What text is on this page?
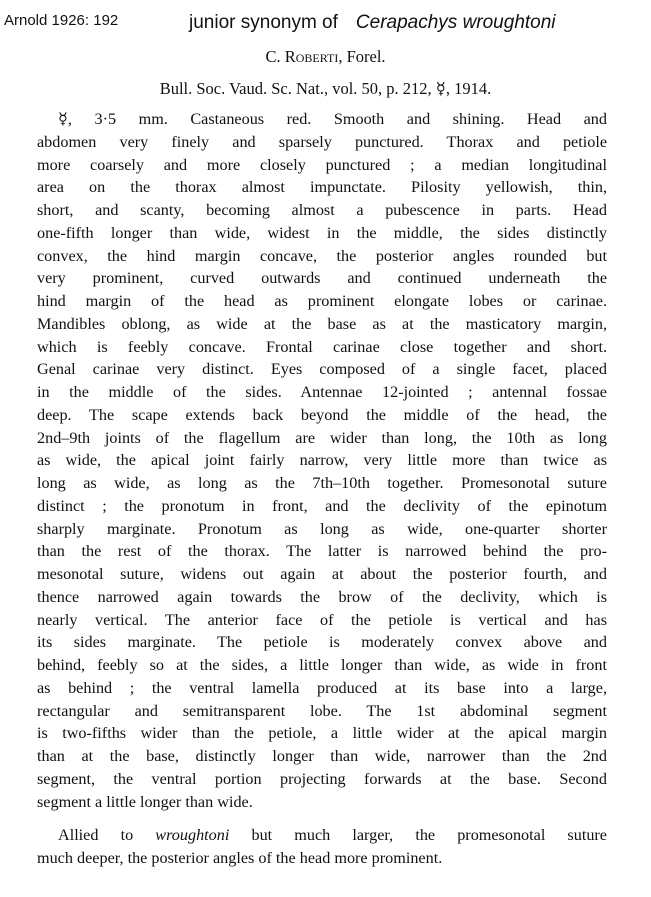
Arnold 1926: 192	junior synonym of Cerapachys wroughtoni
C. Roberti, Forel.
Bull. Soc. Vaud. Sc. Nat., vol. 50, p. 212, ☿, 1914.
☿, 3·5 mm. Castaneous red. Smooth and shining. Head and
abdomen very finely and sparsely punctured. Thorax and petiole
more coarsely and more closely punctured ; a median longitudinal
area on the thorax almost impunctate. Pilosity yellowish, thin,
short, and scanty, becoming almost a pubescence in parts. Head
one-fifth longer than wide, widest in the middle, the sides distinctly
convex, the hind margin concave, the posterior angles rounded but
very prominent, curved outwards and continued underneath the
hind margin of the head as prominent elongate lobes or carinae.
Mandibles oblong, as wide at the base as at the masticatory margin,
which is feebly concave. Frontal carinae close together and short.
Genal carinae very distinct. Eyes composed of a single facet, placed
in the middle of the sides. Antennae 12-jointed ; antennal fossae
deep. The scape extends back beyond the middle of the head, the
2nd–9th joints of the flagellum are wider than long, the 10th as long
as wide, the apical joint fairly narrow, very little more than twice as
long as wide, as long as the 7th–10th together. Promesonotal suture
distinct ; the pronotum in front, and the declivity of the epinotum
sharply marginate. Pronotum as long as wide, one-quarter shorter
than the rest of the thorax. The latter is narrowed behind the pro-
mesonotal suture, widens out again at about the posterior fourth, and
thence narrowed again towards the brow of the declivity, which is
nearly vertical. The anterior face of the petiole is vertical and has
its sides marginate. The petiole is moderately convex above and
behind, feebly so at the sides, a little longer than wide, as wide in front
as behind ; the ventral lamella produced at its base into a large,
rectangular and semitransparent lobe. The 1st abdominal segment
is two-fifths wider than the petiole, a little wider at the apical margin
than at the base, distinctly longer than wide, narrower than the 2nd
segment, the ventral portion projecting forwards at the base. Second
segment a little longer than wide.
Allied to wroughtoni but much larger, the promesonotal suture
much deeper, the posterior angles of the head more prominent.
